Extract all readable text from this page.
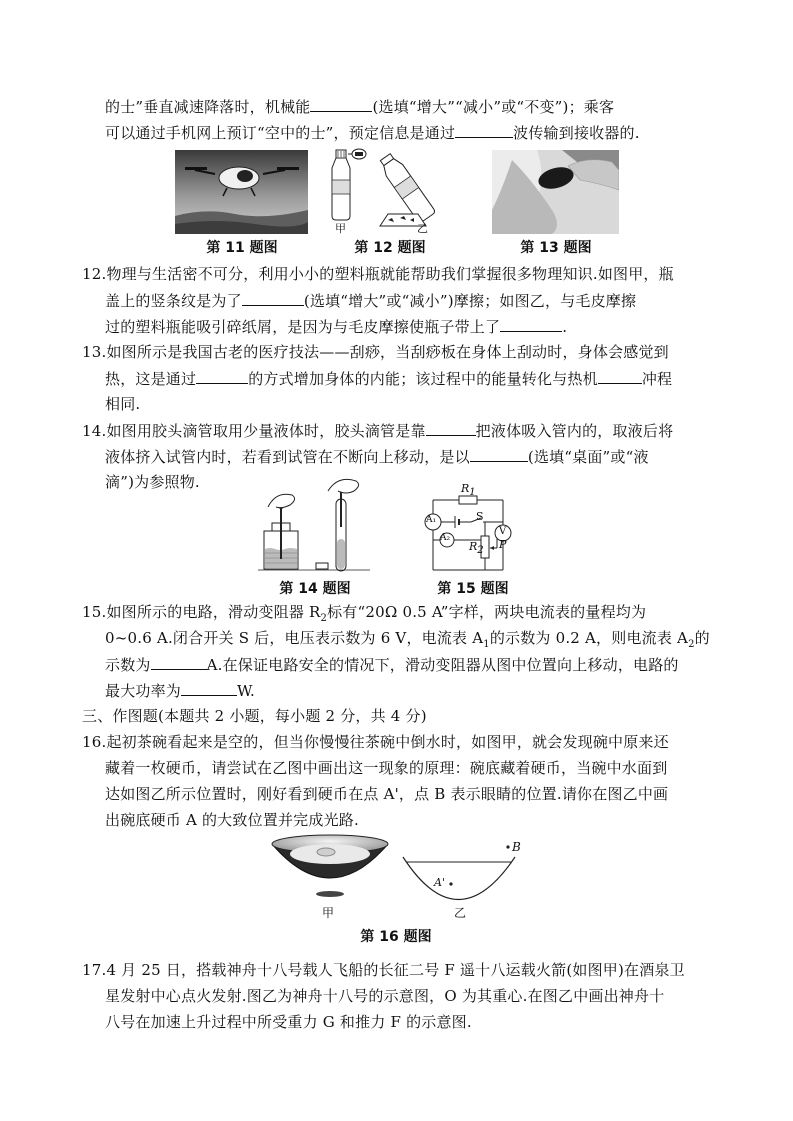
的士”垂直减速降落时，机械能	(选填“增大”“减小”或“不变”)；乘客
可以通过手机网上预订“空中的士”，预定信息是通过	波传输到接收器的.
第 11 题图
甲	乙
第 12 题图	第 13 题图
12.物理与生活密不可分，利用小小的塑料瓶就能帮助我们掌握很多物理知识.如图甲，瓶
盖上的竖条纹是为了	(选填“增大”或“减小”)摩擦；如图乙，与毛皮摩擦
过的塑料瓶能吸引碎纸屑，是因为与毛皮摩擦使瓶子带上了	.
13.如图所示是我国古老的医疗技法——刮痧，当刮痧板在身体上刮动时，身体会感觉到
热，这是通过	的方式增加身体的内能；该过程中的能量转化与热机	冲程
相同.
14.如图用胶头滴管取用少量液体时，胶头滴管是靠	把液体吸入管内的，取液后将
液体挤入试管内时，若看到试管在不断向上移动，是以	(选填“桌面”或“液
滴”)为参照物.
第 14 题图
$R_1$
S
$R_2$ P
A₁
A₂
V
第 15 题图
15.如图所示的电路，滑动变阻器 $R_2$标有“20Ω 0.5 A”字样，两块电流表的量程均为
0~0.6 A.闭合开关 S 后，电压表示数为 6 V，电流表 $A_1$的示数为 0.2 A，则电流表 $A_2$的
示数为	A.在保证电路安全的情况下，滑动变阻器从图中位置向上移动，电路的
最大功率为	W.
三、作图题(本题共 2 小题，每小题 2 分，共 4 分)
16.起初茶碗看起来是空的，但当你慢慢往茶碗中倒水时，如图甲，就会发现碗中原来还
藏着一枚硬币，请尝试在乙图中画出这一现象的原理：碗底藏着硬币，当碗中水面到
达如图乙所示位置时，刚好看到硬币在点 A'，点 B 表示眼睛的位置.请你在图乙中画
出碗底硬币 A 的大致位置并完成光路.
B
A'
甲	乙
第 16 题图
17.4 月 25 日，搭载神舟十八号载人飞船的长征二号 F 遥十八运载火箭(如图甲)在酒泉卫
星发射中心点火发射.图乙为神舟十八号的示意图，O 为其重心.在图乙中画出神舟十
八号在加速上升过程中所受重力 G 和推力 F 的示意图.
